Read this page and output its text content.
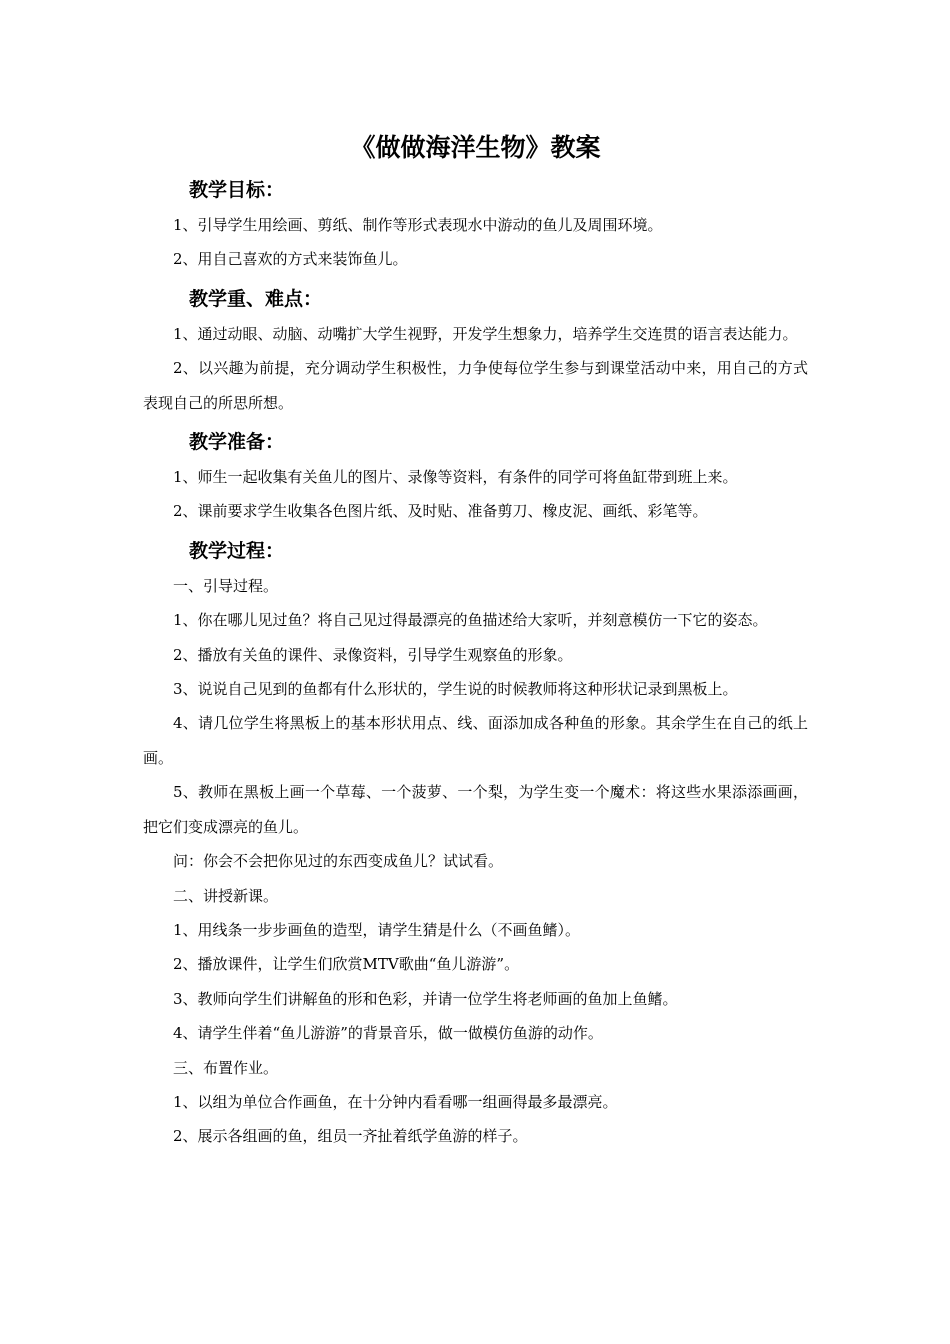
《做做海洋生物》教案
教学目标：

1、引导学生用绘画、剪纸、制作等形式表现水中游动的鱼儿及周围环境。

2、用自己喜欢的方式来装饰鱼儿。

教学重、难点：

1、通过动眼、动脑、动嘴扩大学生视野，开发学生想象力，培养学生交连贯的语言表达能力。

2、以兴趣为前提，充分调动学生积极性，力争使每位学生参与到课堂活动中来，用自己的方式表现自己的所思所想。

教学准备：

1、师生一起收集有关鱼儿的图片、录像等资料，有条件的同学可将鱼缸带到班上来。

2、课前要求学生收集各色图片纸、及时贴、准备剪刀、橡皮泥、画纸、彩笔等。

教学过程：

一、引导过程。

1、你在哪儿见过鱼？将自己见过得最漂亮的鱼描述给大家听，并刻意模仿一下它的姿态。

2、播放有关鱼的课件、录像资料，引导学生观察鱼的形象。

3、说说自己见到的鱼都有什么形状的，学生说的时候教师将这种形状记录到黑板上。

4、请几位学生将黑板上的基本形状用点、线、面添加成各种鱼的形象。其余学生在自己的纸上画。

5、教师在黑板上画一个草莓、一个菠萝、一个梨，为学生变一个魔术：将这些水果添添画画，把它们变成漂亮的鱼儿。

问：你会不会把你见过的东西变成鱼儿？试试看。

二、讲授新课。

1、用线条一步步画鱼的造型，请学生猜是什么（不画鱼鳍）。

2、播放课件，让学生们欣赏MTV歌曲“鱼儿游游”。

3、教师向学生们讲解鱼的形和色彩，并请一位学生将老师画的鱼加上鱼鳍。

4、请学生伴着“鱼儿游游”的背景音乐，做一做模仿鱼游的动作。

三、布置作业。

1、以组为单位合作画鱼，在十分钟内看看哪一组画得最多最漂亮。

2、展示各组画的鱼，组员一齐扯着纸学鱼游的样子。
